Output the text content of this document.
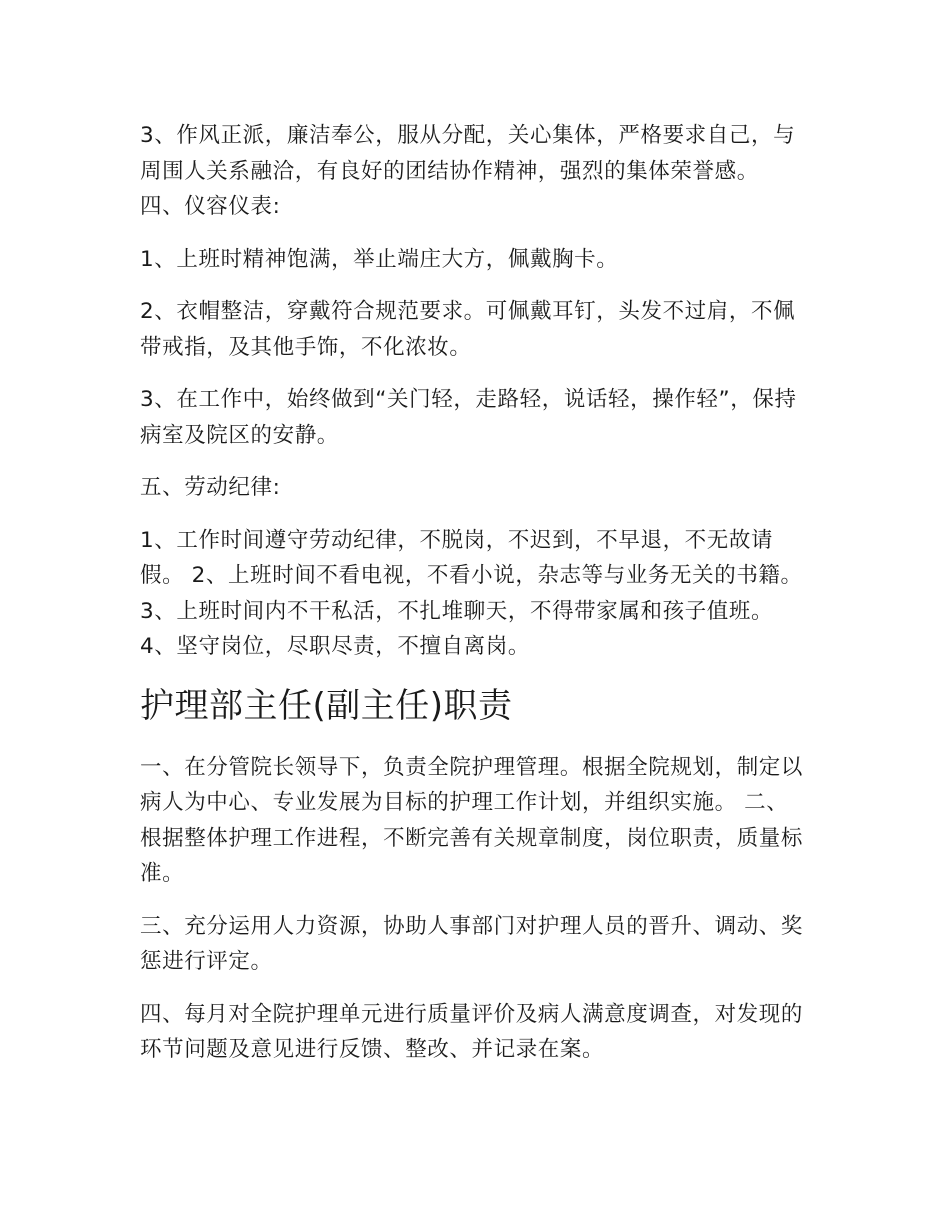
3、作风正派，廉洁奉公，服从分配，关心集体，严格要求自己，与周围人关系融洽，有良好的团结协作精神，强烈的集体荣誉感。 四、仪容仪表:

1、上班时精神饱满，举止端庄大方，佩戴胸卡。

2、衣帽整洁，穿戴符合规范要求。可佩戴耳钉，头发不过肩，不佩带戒指，及其他手饰，不化浓妆。

3、在工作中，始终做到“关门轻，走路轻，说话轻，操作轻”，保持病室及院区的安静。

五、劳动纪律:

1、工作时间遵守劳动纪律，不脱岗，不迟到，不早退，不无故请假。 2、上班时间不看电视，不看小说，杂志等与业务无关的书籍。 3、上班时间内不干私活，不扎堆聊天，不得带家属和孩子值班。 4、坚守岗位，尽职尽责，不擅自离岗。

护理部主任(副主任)职责

一、在分管院长领导下，负责全院护理管理。根据全院规划，制定以病人为中心、专业发展为目标的护理工作计划，并组织实施。 二、根据整体护理工作进程，不断完善有关规章制度，岗位职责，质量标准。

三、充分运用人力资源，协助人事部门对护理人员的晋升、调动、奖惩进行评定。

四、每月对全院护理单元进行质量评价及病人满意度调查，对发现的环节问题及意见进行反馈、整改、并记录在案。
